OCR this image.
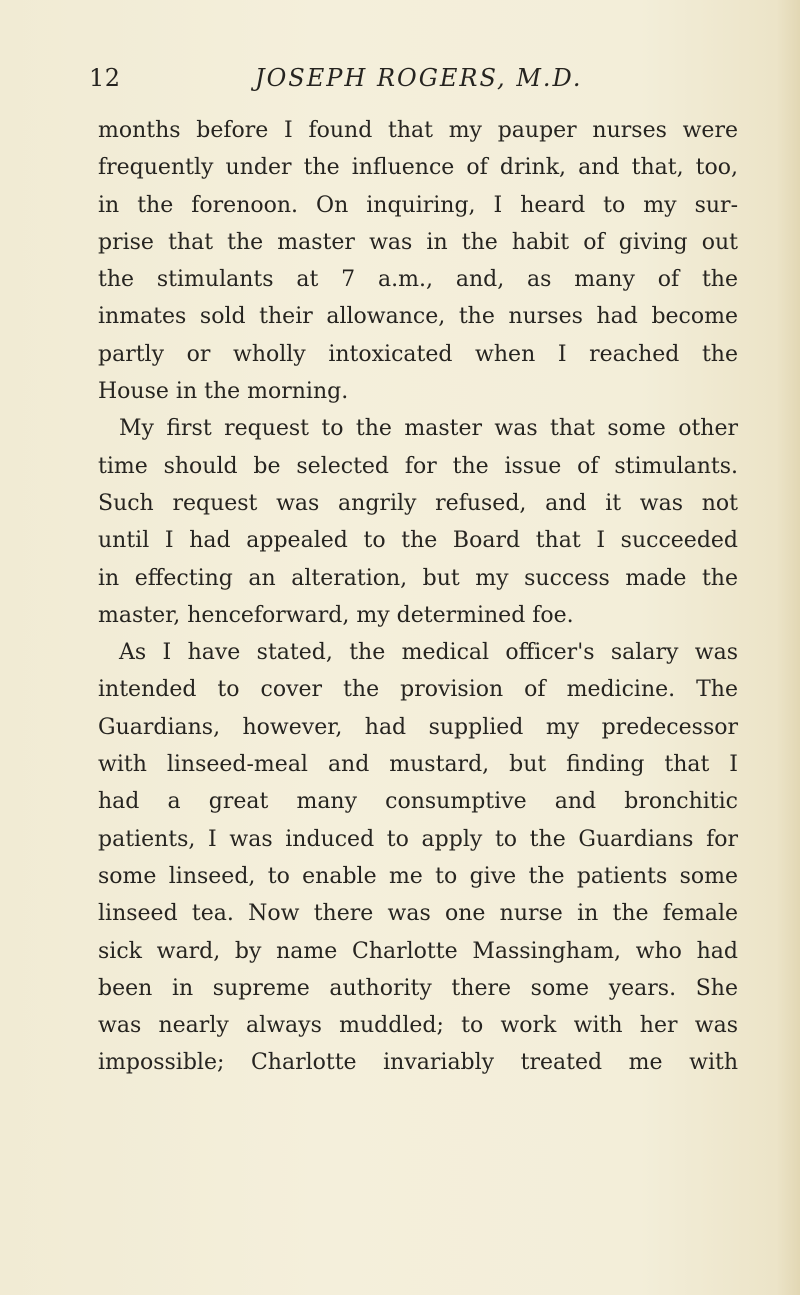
12	JOSEPH ROGERS, M.D.
months before I found that my pauper nurses were
frequently under the influence of drink, and that, too,
in the forenoon. On inquiring, I heard to my sur-
prise that the master was in the habit of giving out
the stimulants at 7 a.m., and, as many of the
inmates sold their allowance, the nurses had become
partly or wholly intoxicated when I reached the
House in the morning.
My first request to the master was that some other
time should be selected for the issue of stimulants.
Such request was angrily refused, and it was not
until I had appealed to the Board that I succeeded
in effecting an alteration, but my success made the
master, henceforward, my determined foe.
As I have stated, the medical officer's salary was
intended to cover the provision of medicine. The
Guardians, however, had supplied my predecessor
with linseed-meal and mustard, but finding that I
had a great many consumptive and bronchitic
patients, I was induced to apply to the Guardians for
some linseed, to enable me to give the patients some
linseed tea. Now there was one nurse in the female
sick ward, by name Charlotte Massingham, who had
been in supreme authority there some years. She
was nearly always muddled; to work with her was
impossible; Charlotte invariably treated me with
